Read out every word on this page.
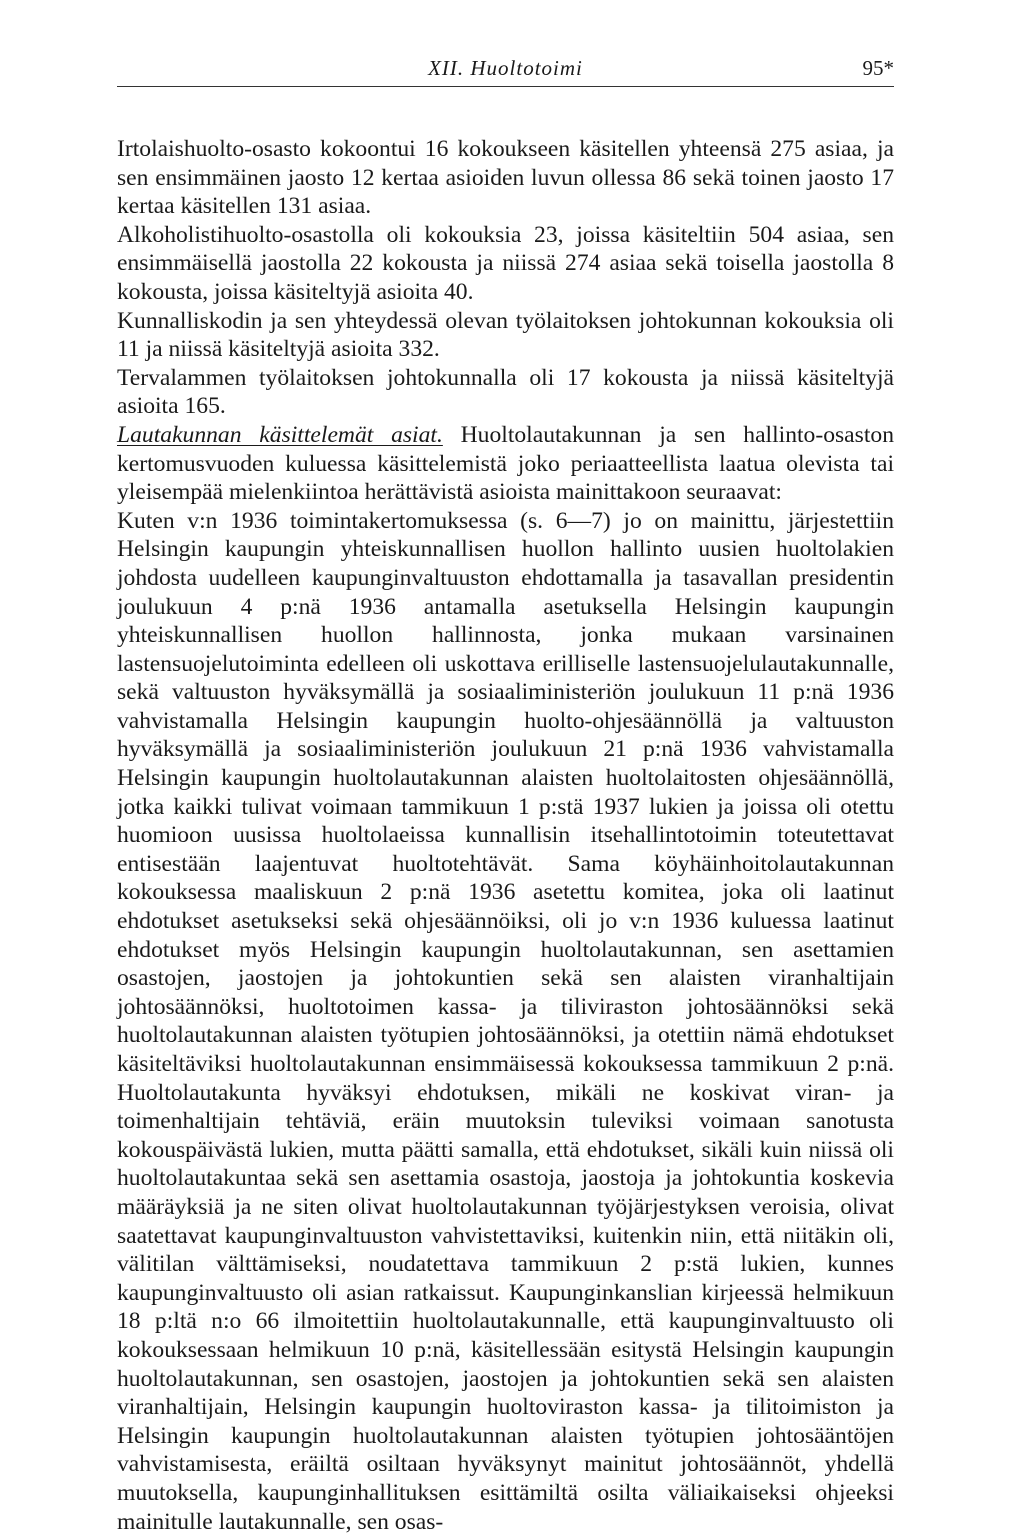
XII. Huoltotoimi	95*

Irtolaishuolto-osasto kokoontui 16 kokoukseen käsitellen yhteensä 275 asiaa, ja sen ensimmäinen jaosto 12 kertaa asioiden luvun ollessa 86 sekä toinen jaosto 17 kertaa käsitellen 131 asiaa.

Alkoholistihuolto-osastolla oli kokouksia 23, joissa käsiteltiin 504 asiaa, sen ensimmäisellä jaostolla 22 kokousta ja niissä 274 asiaa sekä toisella jaostolla 8 kokousta, joissa käsiteltyjä asioita 40.

Kunnalliskodin ja sen yhteydessä olevan työlaitoksen johtokunnan kokouksia oli 11 ja niissä käsiteltyjä asioita 332.

Tervalammen työlaitoksen johtokunnalla oli 17 kokousta ja niissä käsiteltyjä asioita 165.

Lautakunnan käsittelemät asiat. Huoltolautakunnan ja sen hallinto-osaston kertomusvuoden kuluessa käsittelemistä joko periaatteellista laatua olevista tai yleisempää mielenkiintoa herättävistä asioista mainittakoon seuraavat:

Kuten v:n 1936 toimintakertomuksessa (s. 6—7) jo on mainittu, järjestettiin Helsingin kaupungin yhteiskunnallisen huollon hallinto uusien huoltolakien johdosta uudelleen kaupunginvaltuuston ehdottamalla ja tasavallan presidentin joulukuun 4 p:nä 1936 antamalla asetuksella Helsingin kaupungin yhteiskunnallisen huollon hallinnosta, jonka mukaan varsinainen lastensuojelutoiminta edelleen oli uskottava erilliselle lastensuojelulautakunnalle, sekä valtuuston hyväksymällä ja sosiaaliministeriön joulukuun 11 p:nä 1936 vahvistamalla Helsingin kaupungin huolto-ohjesäännöllä ja valtuuston hyväksymällä ja sosiaaliministeriön joulukuun 21 p:nä 1936 vahvistamalla Helsingin kaupungin huoltolautakunnan alaisten huoltolaitosten ohjesäännöllä, jotka kaikki tulivat voimaan tammikuun 1 p:stä 1937 lukien ja joissa oli otettu huomioon uusissa huoltolaeissa kunnallisin itsehallintotoimin toteutettavat entisestään laajentuvat huoltotehtävät. Sama köyhäinhoitolautakunnan kokouksessa maaliskuun 2 p:nä 1936 asetettu komitea, joka oli laatinut ehdotukset asetukseksi sekä ohjesäännöiksi, oli jo v:n 1936 kuluessa laatinut ehdotukset myös Helsingin kaupungin huoltolautakunnan, sen asettamien osastojen, jaostojen ja johtokuntien sekä sen alaisten viranhaltijain johtosäännöksi, huoltotoimen kassa- ja tiliviraston johtosäännöksi sekä huoltolautakunnan alaisten työtupien johtosäännöksi, ja otettiin nämä ehdotukset käsiteltäviksi huoltolautakunnan ensimmäisessä kokouksessa tammikuun 2 p:nä. Huoltolautakunta hyväksyi ehdotuksen, mikäli ne koskivat viran- ja toimenhaltijain tehtäviä, eräin muutoksin tuleviksi voimaan sanotusta kokouspäivästä lukien, mutta päätti samalla, että ehdotukset, sikäli kuin niissä oli huoltolautakuntaa sekä sen asettamia osastoja, jaostoja ja johtokuntia koskevia määräyksiä ja ne siten olivat huoltolautakunnan työjärjestyksen veroisia, olivat saatettavat kaupunginvaltuuston vahvistettaviksi, kuitenkin niin, että niitäkin oli, välitilan välttämiseksi, noudatettava tammikuun 2 p:stä lukien, kunnes kaupunginvaltuusto oli asian ratkaissut. Kaupunginkanslian kirjeessä helmikuun 18 p:ltä n:o 66 ilmoitettiin huoltolautakunnalle, että kaupunginvaltuusto oli kokouksessaan helmikuun 10 p:nä, käsitellessään esitystä Helsingin kaupungin huoltolautakunnan, sen osastojen, jaostojen ja johtokuntien sekä sen alaisten viranhaltijain, Helsingin kaupungin huoltoviraston kassa- ja tilitoimiston ja Helsingin kaupungin huoltolautakunnan alaisten työtupien johtosääntöjen vahvistamisesta, eräiltä osiltaan hyväksynyt mainitut johtosäännöt, yhdellä muutoksella, kaupunginhallituksen esittämiltä osilta väliaikaiseksi ohjeeksi mainitulle lautakunnalle, sen osas-
